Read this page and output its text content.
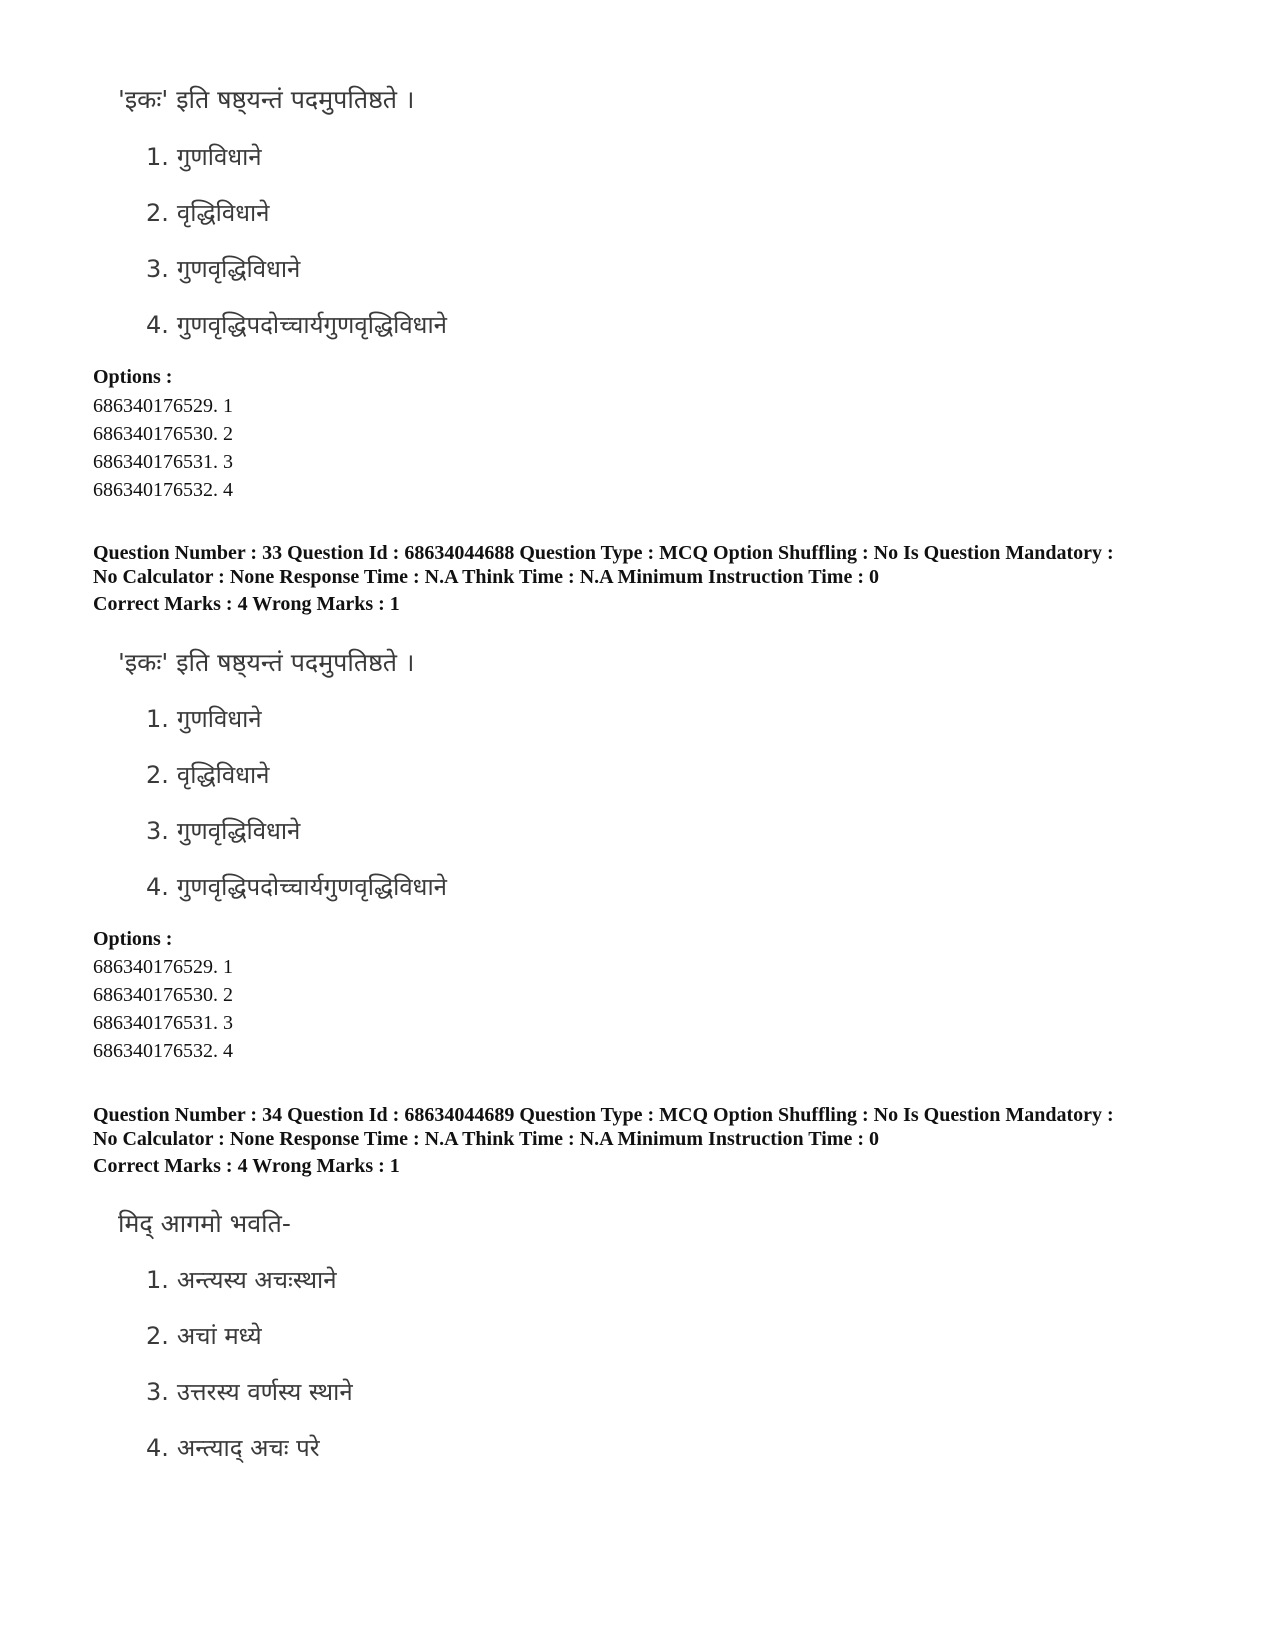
'इकः' इति षष्ठ्यन्तं पदमुपतिष्ठते ।
1. गुणविधाने
2. वृद्धिविधाने
3. गुणवृद्धिविधाने
4. गुणवृद्धिपदोच्चार्यगुणवृद्धिविधाने
Options :
686340176529. 1
686340176530. 2
686340176531. 3
686340176532. 4
Question Number : 33 Question Id : 68634044688 Question Type : MCQ Option Shuffling : No Is Question Mandatory :
No Calculator : None Response Time : N.A Think Time : N.A Minimum Instruction Time : 0
Correct Marks : 4 Wrong Marks : 1
'इकः' इति षष्ठ्यन्तं पदमुपतिष्ठते ।
1. गुणविधाने
2. वृद्धिविधाने
3. गुणवृद्धिविधाने
4. गुणवृद्धिपदोच्चार्यगुणवृद्धिविधाने
Options :
686340176529. 1
686340176530. 2
686340176531. 3
686340176532. 4
Question Number : 34 Question Id : 68634044689 Question Type : MCQ Option Shuffling : No Is Question Mandatory :
No Calculator : None Response Time : N.A Think Time : N.A Minimum Instruction Time : 0
Correct Marks : 4 Wrong Marks : 1
मिद् आगमो भवति-
1. अन्त्यस्य अचःस्थाने
2. अचां मध्ये
3. उत्तरस्य वर्णस्य स्थाने
4. अन्त्याद् अचः परे
